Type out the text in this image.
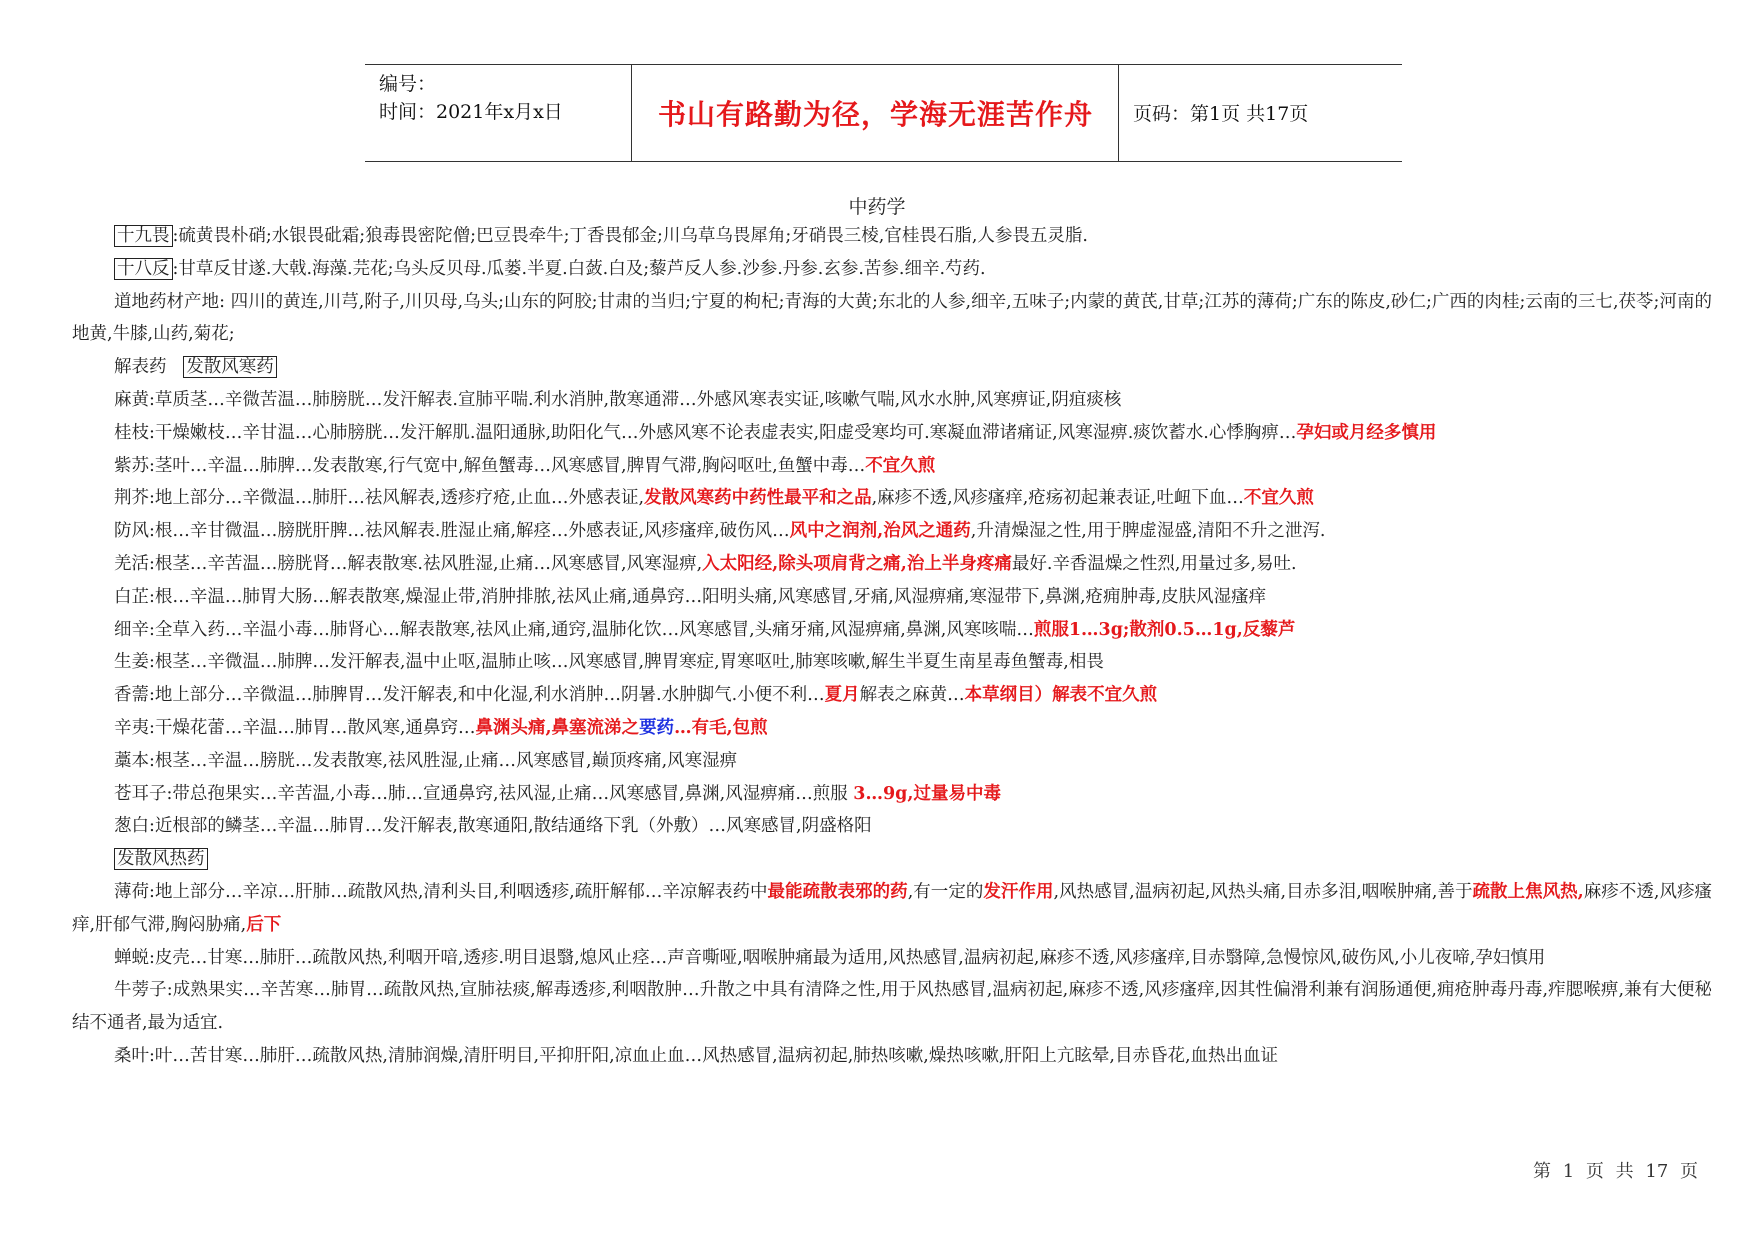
编号：
时间：2021年x月x日	书山有路勤为径，学海无涯苦作舟	页码：第1页 共17页
中药学

十九畏 :硫黄畏朴硝;水银畏砒霜;狼毒畏密陀僧;巴豆畏牵牛;丁香畏郁金;川乌草乌畏犀角;牙硝畏三棱,官桂畏石脂,人参畏五灵脂.

十八反 :甘草反甘遂.大戟.海藻.芫花;乌头反贝母.瓜蒌.半夏.白蔹.白及;藜芦反人参.沙参.丹参.玄参.苦参.细辛.芍药.

道地药材产地: 四川的黄连,川芎,附子,川贝母,乌头;山东的阿胶;甘肃的当归;宁夏的枸杞;青海的大黄;东北的人参,细辛,五味子;内蒙的黄芪,甘草;江苏的薄荷;广东的陈皮,砂仁;广西的肉桂;云南的三七,茯苓;河南的地黄,牛膝,山药,菊花;

解表药 发散风寒药

麻黄:草质茎…辛微苦温…肺膀胱…发汗解表.宣肺平喘.利水消肿,散寒通滞…外感风寒表实证,咳嗽气喘,风水水肿,风寒痹证,阴疽痰核

桂枝:干燥嫩枝…辛甘温…心肺膀胱…发汗解肌.温阳通脉,助阳化气…外感风寒不论表虚表实,阳虚受寒均可.寒凝血滞诸痛证,风寒湿痹.痰饮蓄水.心悸胸痹…孕妇或月经多慎用

紫苏:茎叶…辛温…肺脾…发表散寒,行气宽中,解鱼蟹毒…风寒感冒,脾胃气滞,胸闷呕吐,鱼蟹中毒…不宜久煎

荆芥:地上部分…辛微温…肺肝…祛风解表,透疹疗疮,止血…外感表证,发散风寒药中药性最平和之品,麻疹不透,风疹瘙痒,疮疡初起兼表证,吐衄下血…不宜久煎

防风:根…辛甘微温…膀胱肝脾…祛风解表.胜湿止痛,解痉…外感表证,风疹瘙痒,破伤风…风中之润剂,治风之通药,升清燥湿之性,用于脾虚湿盛,清阳不升之泄泻.

羌活:根茎…辛苦温…膀胱肾…解表散寒.祛风胜湿,止痛…风寒感冒,风寒湿痹,入太阳经,除头项肩背之痛,治上半身疼痛最好.辛香温燥之性烈,用量过多,易吐.

白芷:根…辛温…肺胃大肠…解表散寒,燥湿止带,消肿排脓,祛风止痛,通鼻窍…阳明头痛,风寒感冒,牙痛,风湿痹痛,寒湿带下,鼻渊,疮痈肿毒,皮肤风湿瘙痒

细辛:全草入药…辛温小毒…肺肾心…解表散寒,祛风止痛,通窍,温肺化饮…风寒感冒,头痛牙痛,风湿痹痛,鼻渊,风寒咳喘…煎服1…3g;散剂0.5…1g,反藜芦

生姜:根茎…辛微温…肺脾…发汗解表,温中止呕,温肺止咳…风寒感冒,脾胃寒症,胃寒呕吐,肺寒咳嗽,解生半夏生南星毒鱼蟹毒,相畏

香薷:地上部分…辛微温…肺脾胃…发汗解表,和中化湿,利水消肿…阴暑.水肿脚气.小便不利…夏月解表之麻黄…本草纲目）解表不宜久煎

辛夷:干燥花蕾…辛温…肺胃…散风寒,通鼻窍…鼻渊头痛,鼻塞流涕之要药…有毛,包煎

藁本:根茎…辛温…膀胱…发表散寒,祛风胜湿,止痛…风寒感冒,巅顶疼痛,风寒湿痹

苍耳子:带总孢果实…辛苦温,小毒…肺…宣通鼻窍,祛风湿,止痛…风寒感冒,鼻渊,风湿痹痛…煎服 3…9g,过量易中毒

葱白:近根部的鳞茎…辛温…肺胃…发汗解表,散寒通阳,散结通络下乳（外敷）…风寒感冒,阴盛格阳

发散风热药

薄荷:地上部分…辛凉…肝肺…疏散风热,清利头目,利咽透疹,疏肝解郁…辛凉解表药中最能疏散表邪的药,有一定的发汗作用,风热感冒,温病初起,风热头痛,目赤多泪,咽喉肿痛,善于疏散上焦风热,麻疹不透,风疹瘙痒,肝郁气滞,胸闷胁痛,后下

蝉蜕:皮壳…甘寒…肺肝…疏散风热,利咽开喑,透疹.明目退翳,熄风止痉…声音嘶哑,咽喉肿痛最为适用,风热感冒,温病初起,麻疹不透,风疹瘙痒,目赤翳障,急慢惊风,破伤风,小儿夜啼,孕妇慎用

牛蒡子:成熟果实…辛苦寒…肺胃…疏散风热,宣肺祛痰,解毒透疹,利咽散肿…升散之中具有清降之性,用于风热感冒,温病初起,麻疹不透,风疹瘙痒,因其性偏滑利兼有润肠通便,痈疮肿毒丹毒,痄腮喉痹,兼有大便秘结不通者,最为适宜.

桑叶:叶…苦甘寒…肺肝…疏散风热,清肺润燥,清肝明目,平抑肝阳,凉血止血…风热感冒,温病初起,肺热咳嗽,燥热咳嗽,肝阳上亢眩晕,目赤昏花,血热出血证

第 1 页 共 17 页
